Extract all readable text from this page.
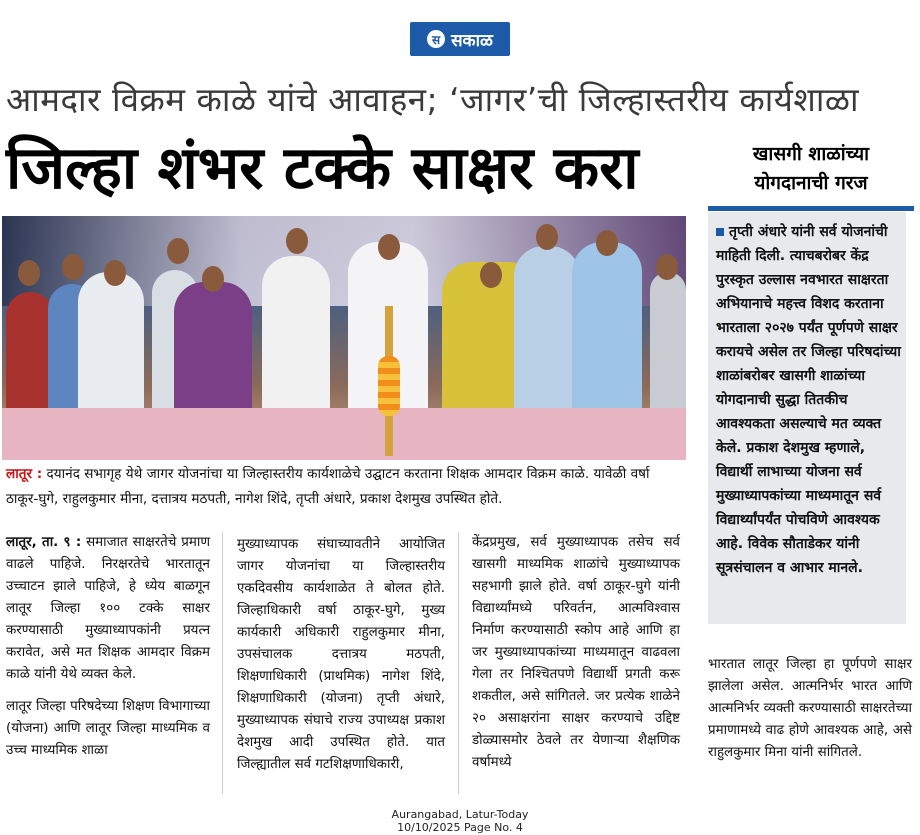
स सकाळ
आमदार विक्रम काळे यांचे आवाहन; ‘जागर’ची जिल्हास्तरीय कार्यशाळा
जिल्हा शंभर टक्के साक्षर करा
लातूर : दयानंद सभागृह येथे जागर योजनांचा या जिल्हास्तरीय कार्यशाळेचे उद्घाटन करताना शिक्षक आमदार विक्रम काळे. यावेळी वर्षा ठाकूर-घुगे, राहुलकुमार मीना, दत्तात्रय मठपती, नागेश शिंदे, तृप्ती अंधारे, प्रकाश देशमुख उपस्थित होते.

लातूर, ता. ९ : समाजात साक्षरतेचे प्रमाण वाढले पाहिजे. निरक्षरतेचे भारतातून उच्चाटन झाले पाहिजे, हे ध्येय बाळगून लातूर जिल्हा १०० टक्के साक्षर करण्यासाठी मुख्याध्यापकांनी प्रयत्न करावेत, असे मत शिक्षक आमदार विक्रम काळे यांनी येथे व्यक्त केले.

लातूर जिल्हा परिषदेच्या शिक्षण विभागाच्या (योजना) आणि लातूर जिल्हा माध्यमिक व उच्च माध्यमिक शाळा

मुख्याध्यापक संघाच्यावतीने आयोजित जागर योजनांचा या जिल्हास्तरीय एकदिवसीय कार्यशाळेत ते बोलत होते. जिल्हाधिकारी वर्षा ठाकूर-घुगे, मुख्य कार्यकारी अधिकारी राहुलकुमार मीना, उपसंचालक दत्तात्रय मठपती, शिक्षणाधिकारी (प्राथमिक) नागेश शिंदे, शिक्षणाधिकारी (योजना) तृप्ती अंधारे, मुख्याध्यापक संघाचे राज्य उपाध्यक्ष प्रकाश देशमुख आदी उपस्थित होते. यात जिल्ह्यातील सर्व गटशिक्षणाधिकारी,

केंद्रप्रमुख, सर्व मुख्याध्यापक तसेच सर्व खासगी माध्यमिक शाळांचे मुख्याध्यापक सहभागी झाले होते. वर्षा ठाकूर-घुगे यांनी विद्यार्थ्यांमध्ये परिवर्तन, आत्मविश्वास निर्माण करण्यासाठी स्कोप आहे आणि हा जर मुख्याध्यापकांच्या माध्यमातून वाढवला गेला तर निश्चितपणे विद्यार्थी प्रगती करू शकतील, असे सांगितले. जर प्रत्येक शाळेने २० असाक्षरांना साक्षर करण्याचे उद्दिष्ट डोळ्यासमोर ठेवले तर येणाऱ्या शैक्षणिक वर्षामध्ये

खासगी शाळांच्या
योगदानाची गरज
तृप्ती अंधारे यांनी सर्व योजनांची माहिती दिली. त्याचबरोबर केंद्र पुरस्कृत उल्लास नवभारत साक्षरता अभियानाचे महत्त्व विशद करताना भारताला २०२७ पर्यंत पूर्णपणे साक्षर करायचे असेल तर जिल्हा परिषदांच्या शाळांबरोबर खासगी शाळांच्या योगदानाची सुद्धा तितकीच आवश्यकता असल्याचे मत व्यक्त केले. प्रकाश देशमुख म्हणाले, विद्यार्थी लाभाच्या योजना सर्व मुख्याध्यापकांच्या माध्यमातून सर्व विद्यार्थ्यांपर्यंत पोचविणे आवश्यक आहे. विवेक सौताडेकर यांनी सूत्रसंचालन व आभार मानले.
भारतात लातूर जिल्हा हा पूर्णपणे साक्षर झालेला असेल. आत्मनिर्भर भारत आणि आत्मनिर्भर व्यक्ती करण्यासाठी साक्षरतेच्या प्रमाणामध्ये वाढ होणे आवश्यक आहे, असे राहुलकुमार मिना यांनी सांगितले.
Aurangabad, Latur-Today
10/10/2025 Page No. 4
